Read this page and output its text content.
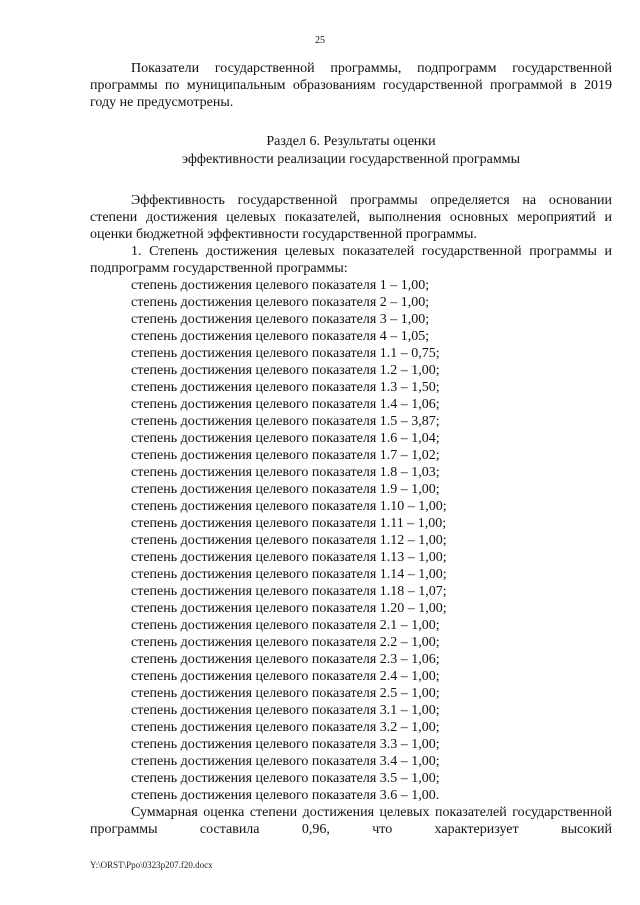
25

Показатели государственной программы, подпрограмм государственной программы по муниципальным образованиям государственной программой в 2019 году не предусмотрены.

Раздел 6. Результаты оценки
эффективности реализации государственной программы

Эффективность государственной программы определяется на основании степени достижения целевых показателей, выполнения основных мероприятий и оценки бюджетной эффективности государственной программы.

1. Степень достижения целевых показателей государственной программы и подпрограмм государственной программы:

степень достижения целевого показателя 1 – 1,00;
степень достижения целевого показателя 2 – 1,00;
степень достижения целевого показателя 3 – 1,00;
степень достижения целевого показателя 4 – 1,05;
степень достижения целевого показателя 1.1 – 0,75;
степень достижения целевого показателя 1.2 – 1,00;
степень достижения целевого показателя 1.3 – 1,50;
степень достижения целевого показателя 1.4 – 1,06;
степень достижения целевого показателя 1.5 – 3,87;
степень достижения целевого показателя 1.6 – 1,04;
степень достижения целевого показателя 1.7 – 1,02;
степень достижения целевого показателя 1.8 – 1,03;
степень достижения целевого показателя 1.9 – 1,00;
степень достижения целевого показателя 1.10 – 1,00;
степень достижения целевого показателя 1.11 – 1,00;
степень достижения целевого показателя 1.12 – 1,00;
степень достижения целевого показателя 1.13 – 1,00;
степень достижения целевого показателя 1.14 – 1,00;
степень достижения целевого показателя 1.18 – 1,07;
степень достижения целевого показателя 1.20 – 1,00;
степень достижения целевого показателя 2.1 – 1,00;
степень достижения целевого показателя 2.2 – 1,00;
степень достижения целевого показателя 2.3 – 1,06;
степень достижения целевого показателя 2.4 – 1,00;
степень достижения целевого показателя 2.5 – 1,00;
степень достижения целевого показателя 3.1 – 1,00;
степень достижения целевого показателя 3.2 – 1,00;
степень достижения целевого показателя 3.3 – 1,00;
степень достижения целевого показателя 3.4 – 1,00;
степень достижения целевого показателя 3.5 – 1,00;
степень достижения целевого показателя 3.6 – 1,00.

Суммарная оценка степени достижения целевых показателей государственной программы составила 0,96, что характеризует высокий

Y:\ORST\Ppo\0323p207.f20.docx
